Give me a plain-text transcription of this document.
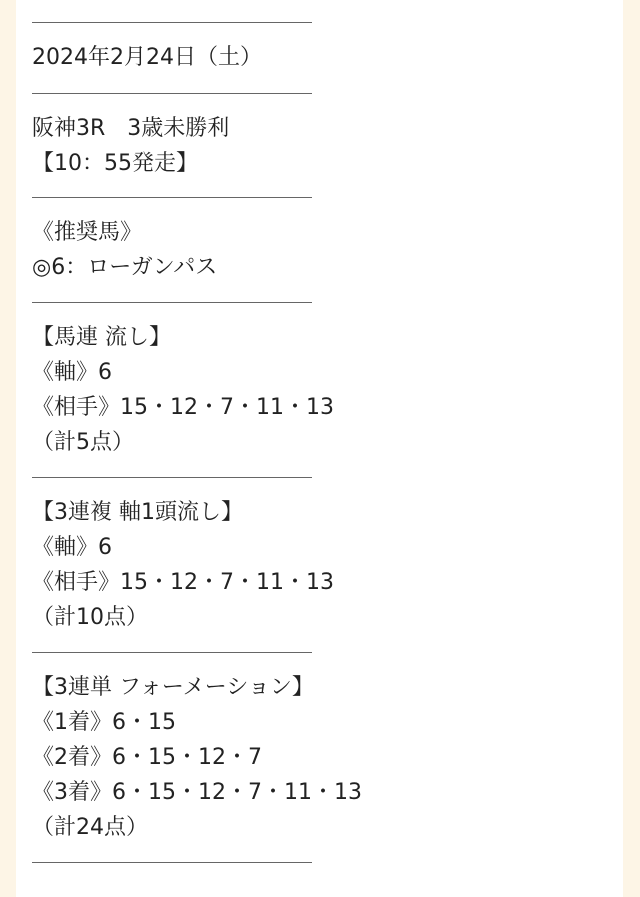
2024年2月24日（土）
阪神3R　3歳未勝利
【10：55発走】
《推奨馬》
◎6：ローガンパス
【馬連 流し】
《軸》6
《相手》15・12・7・11・13
（計5点）
【3連複 軸1頭流し】
《軸》6
《相手》15・12・7・11・13
（計10点）
【3連単 フォーメーション】
《1着》6・15
《2着》6・15・12・7
《3着》6・15・12・7・11・13
（計24点）
